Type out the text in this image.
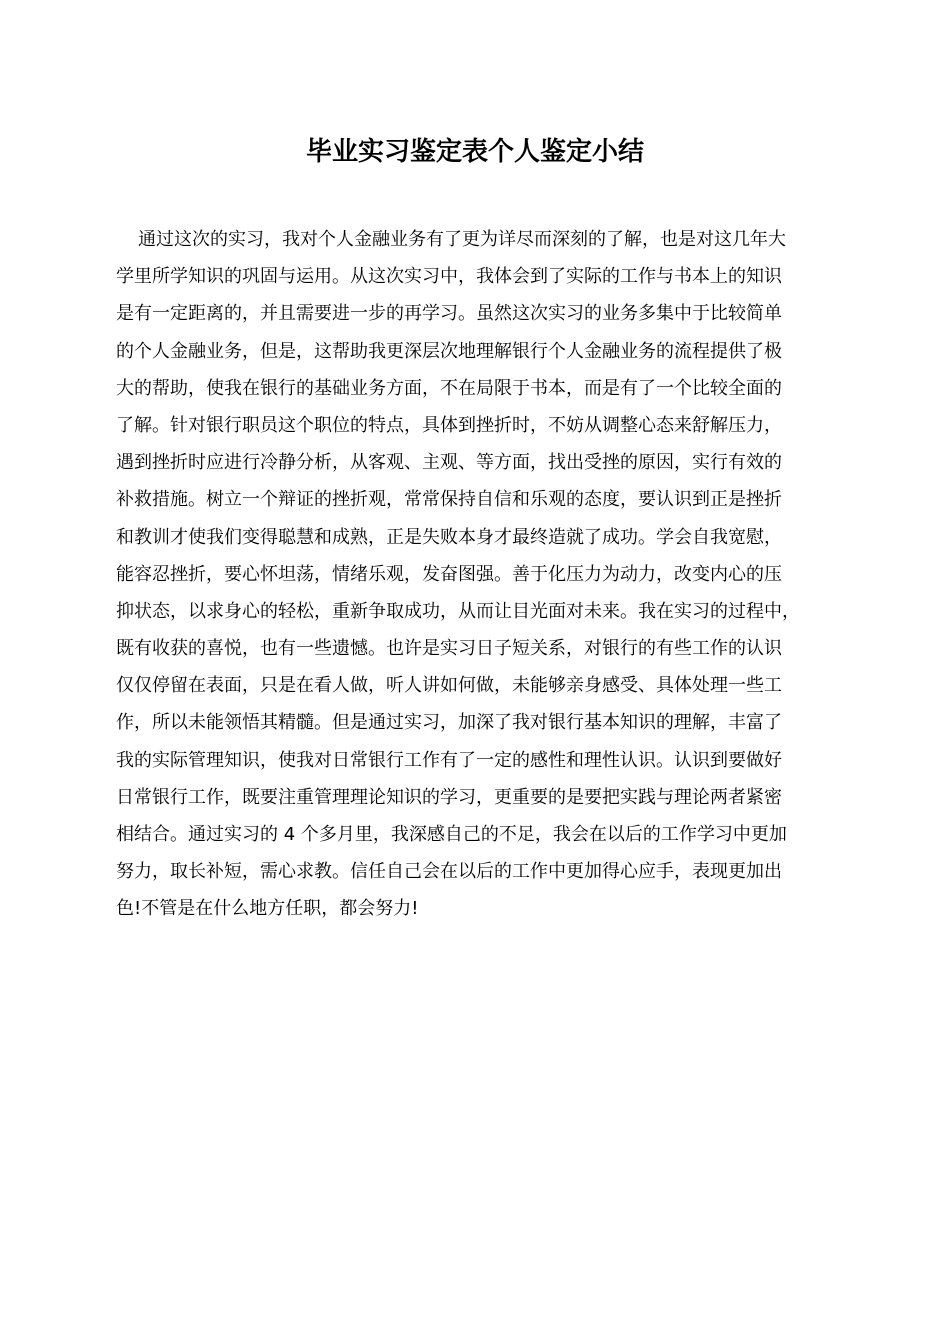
毕业实习鉴定表个人鉴定小结
通过这次的实习，我对个人金融业务有了更为详尽而深刻的了解，也是对这几年大
学里所学知识的巩固与运用。从这次实习中，我体会到了实际的工作与书本上的知识
是有一定距离的，并且需要进一步的再学习。虽然这次实习的业务多集中于比较简单
的个人金融业务，但是，这帮助我更深层次地理解银行个人金融业务的流程提供了极
大的帮助，使我在银行的基础业务方面，不在局限于书本，而是有了一个比较全面的
了解。针对银行职员这个职位的特点，具体到挫折时，不妨从调整心态来舒解压力，
遇到挫折时应进行冷静分析，从客观、主观、等方面，找出受挫的原因，实行有效的
补救措施。树立一个辩证的挫折观，常常保持自信和乐观的态度，要认识到正是挫折
和教训才使我们变得聪慧和成熟，正是失败本身才最终造就了成功。学会自我宽慰，
能容忍挫折，要心怀坦荡，情绪乐观，发奋图强。善于化压力为动力，改变内心的压
抑状态，以求身心的轻松，重新争取成功，从而让目光面对未来。我在实习的过程中，
既有收获的喜悦，也有一些遗憾。也许是实习日子短关系，对银行的有些工作的认识
仅仅停留在表面，只是在看人做，听人讲如何做，未能够亲身感受、具体处理一些工
作，所以未能领悟其精髓。但是通过实习，加深了我对银行基本知识的理解，丰富了
我的实际管理知识，使我对日常银行工作有了一定的感性和理性认识。认识到要做好
日常银行工作，既要注重管理理论知识的学习，更重要的是要把实践与理论两者紧密
相结合。通过实习的 4 个多月里，我深感自己的不足，我会在以后的工作学习中更加
努力，取长补短，需心求教。信任自己会在以后的工作中更加得心应手，表现更加出
色!不管是在什么地方任职，都会努力!
